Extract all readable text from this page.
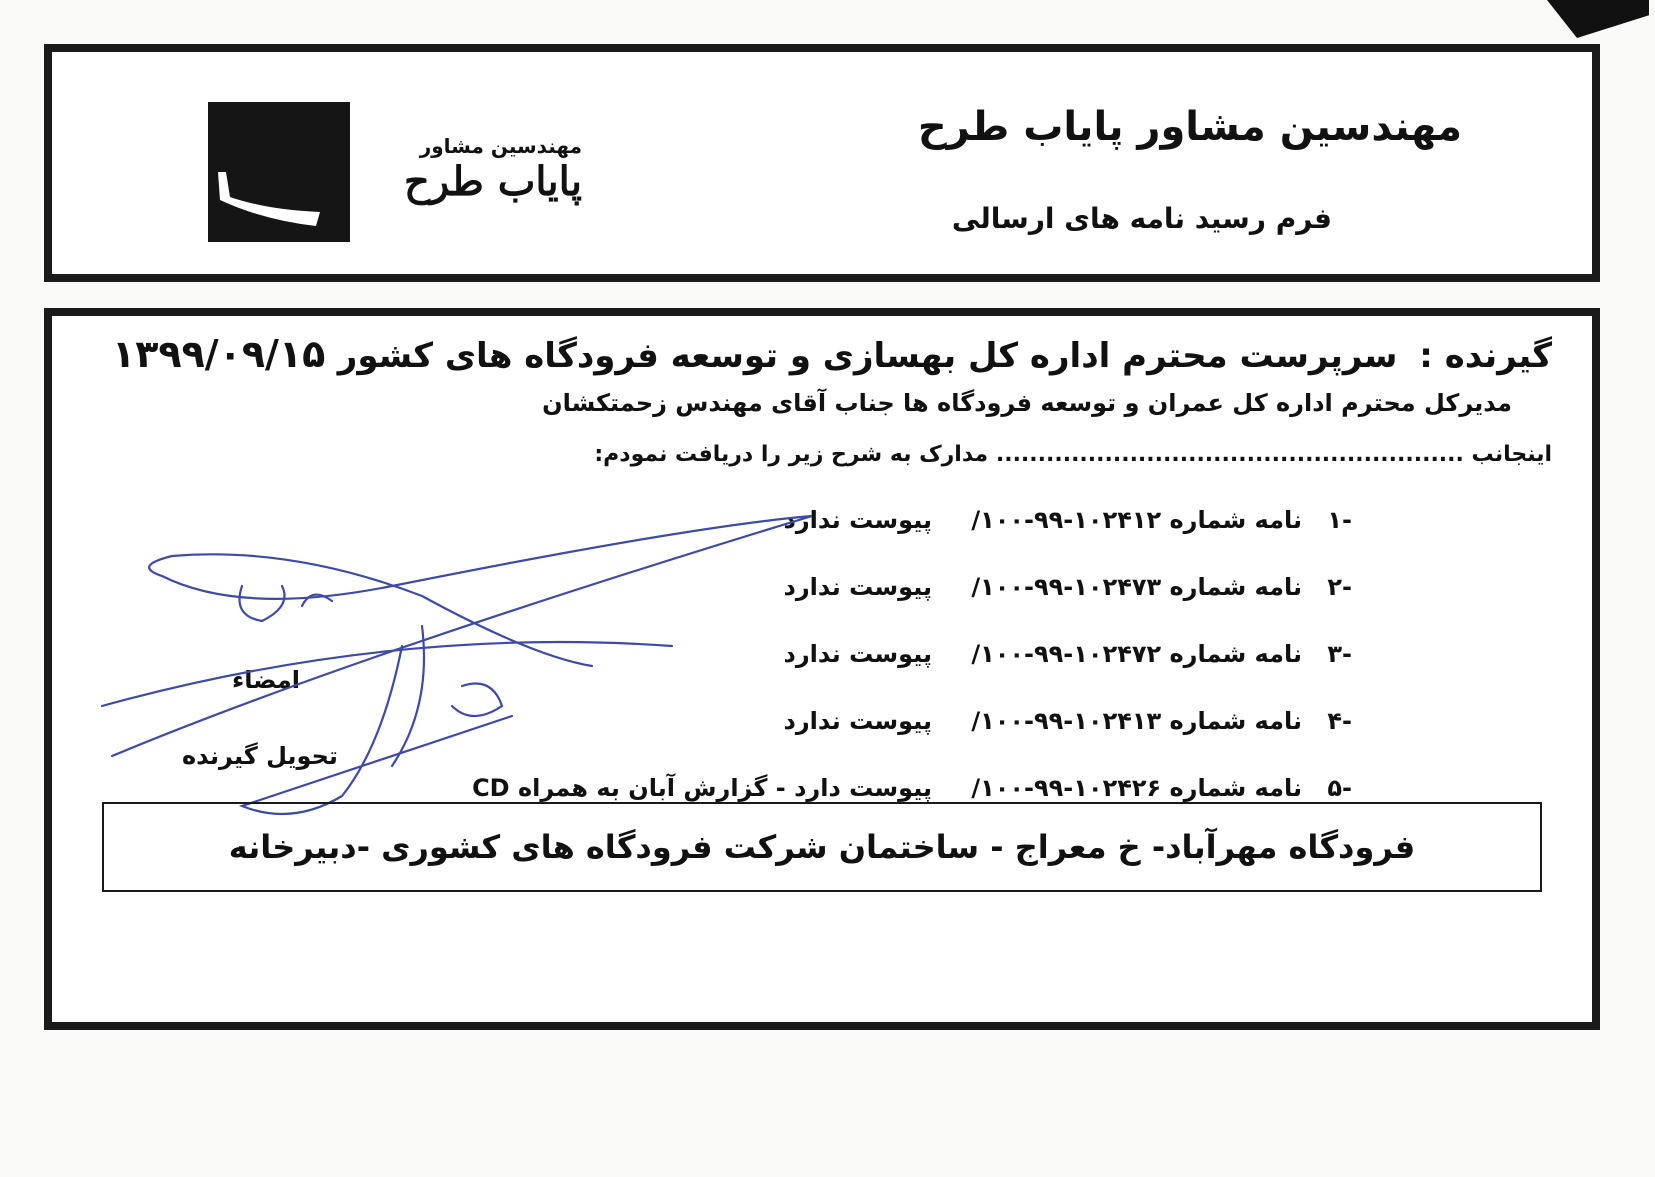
مهندسین مشاور
پایاب طرح
مهندسین مشاور پایاب طرح
فرم رسید نامه های ارسالی
۱۳۹۹/۰۹/۱۵	گیرنده : سرپرست محترم اداره کل بهسازی و توسعه فرودگاه های کشور
مدیرکل محترم اداره کل عمران و توسعه فرودگاه ها جناب آقای مهندس زحمتکشان
اینجانب ........................................................ مدارک به شرح زیر را دریافت نمودم:
-۱
نامه شماره ۱۰۲۴۱۲-۹۹-۱۰۰/
پیوست ندارد
-۲
نامه شماره ۱۰۲۴۷۳-۹۹-۱۰۰/
پیوست ندارد
-۳
نامه شماره ۱۰۲۴۷۲-۹۹-۱۰۰/
پیوست ندارد
-۴
نامه شماره ۱۰۲۴۱۳-۹۹-۱۰۰/
پیوست ندارد
-۵
نامه شماره ۱۰۲۴۲۶-۹۹-۱۰۰/
پیوست دارد - گزارش آبان به همراه CD
امضاء
تحویل گیرنده
فرودگاه مهرآباد- خ معراج - ساختمان شرکت فرودگاه های کشوری -دبیرخانه
